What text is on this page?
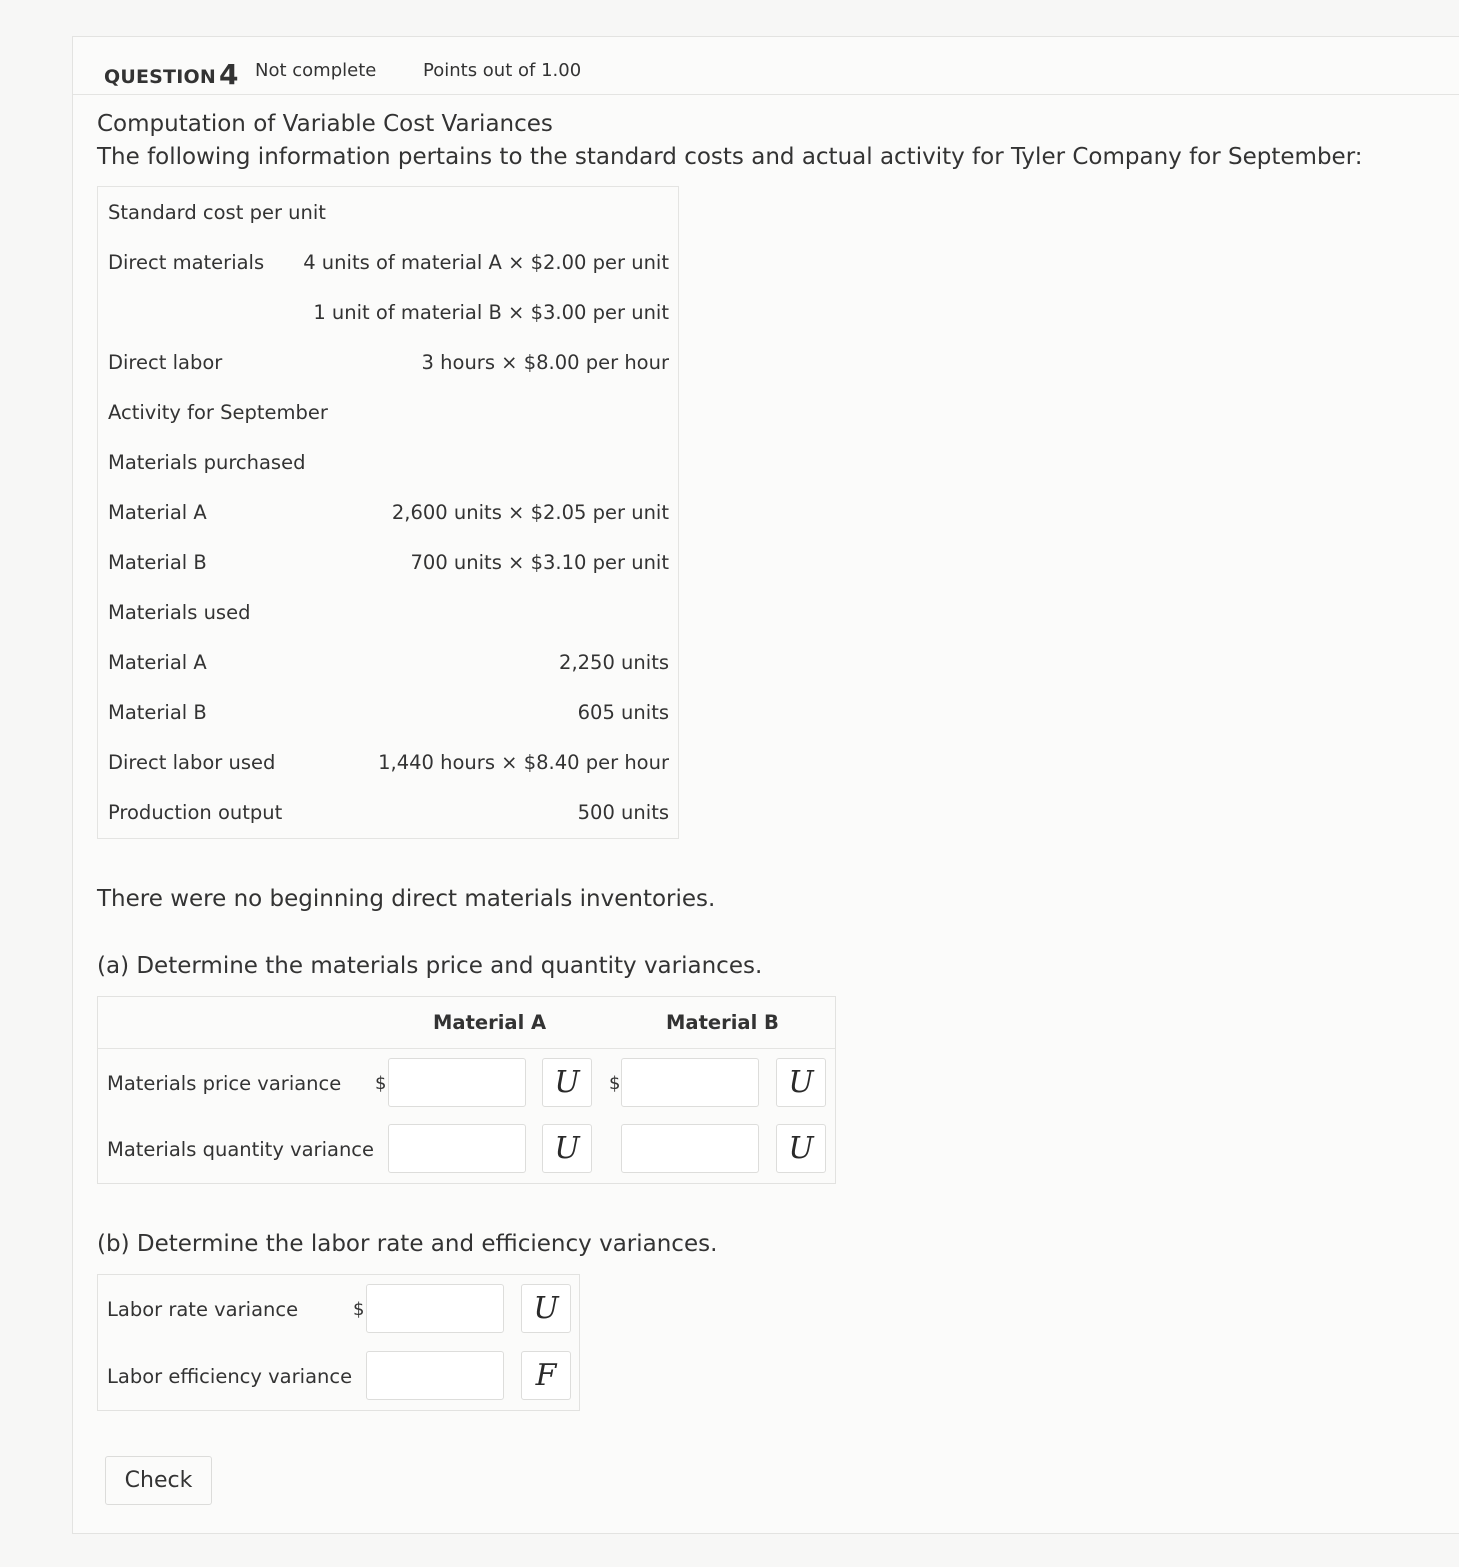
QUESTION 4 Not complete	Points out of 1.00
Computation of Variable Cost Variances
The following information pertains to the standard costs and actual activity for Tyler Company for September:
Standard cost per unit
Direct materials 4 units of material A × $2.00 per unit
1 unit of material B × $3.00 per unit
Direct labor	3 hours × $8.00 per hour
Activity for September
Materials purchased
Material A	2,600 units × $2.05 per unit
Material B	700 units × $3.10 per unit
Materials used
Material A	2,250 units
Material B	605 units
Direct labor used	1,440 hours × $8.40 per hour
Production output	500 units
There were no beginning direct materials inventories.
(a) Determine the materials price and quantity variances.
Material A	Material B
Materials price variance $	U	$	U
Materials quantity variance	U	U
(b) Determine the labor rate and efficiency variances.
Labor rate variance	$	U
Labor efficiency variance	F
Check
